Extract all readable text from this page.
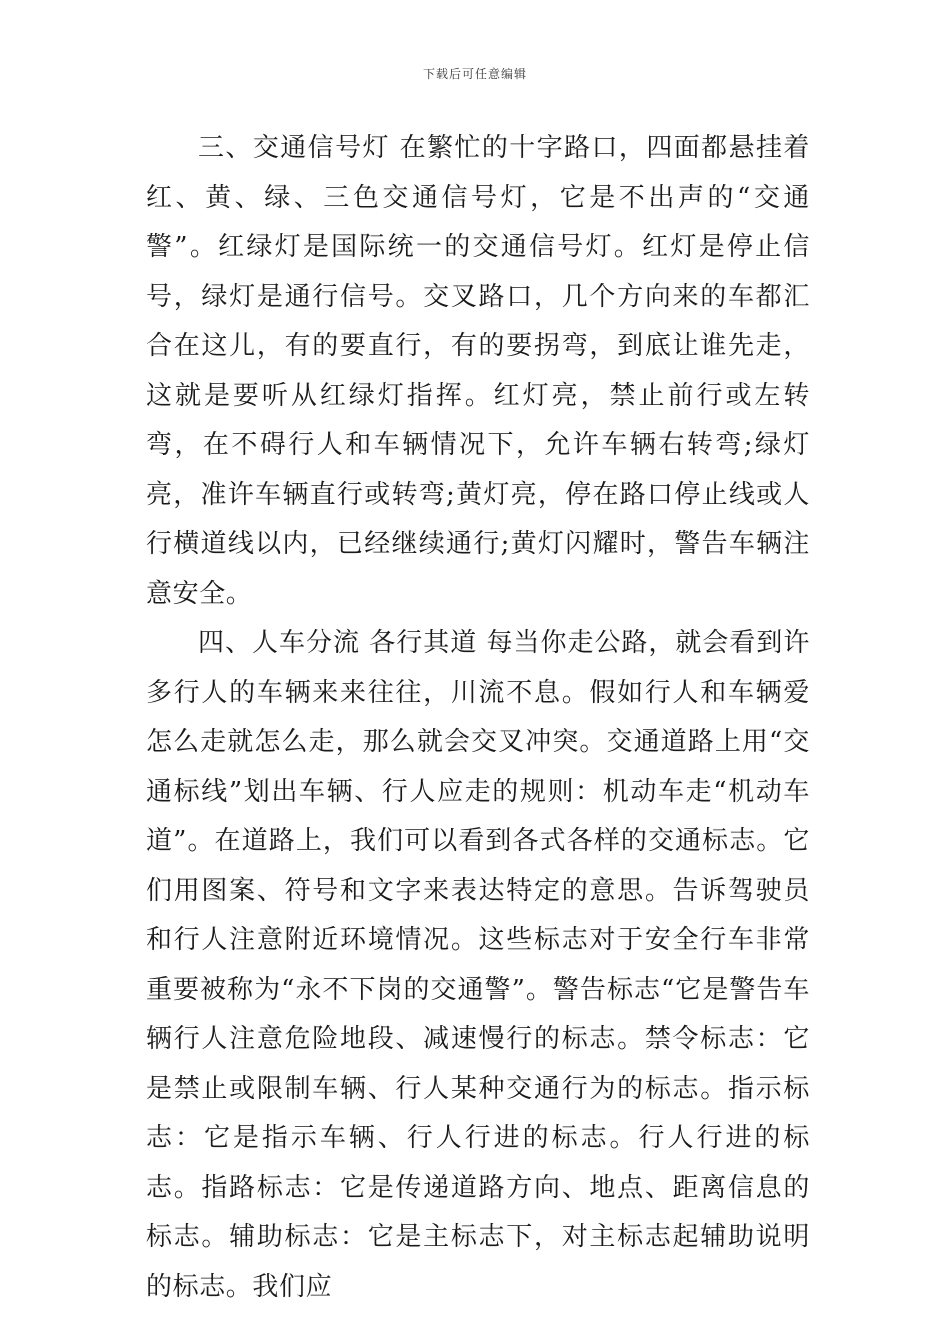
下载后可任意编辑

三、交通信号灯 在繁忙的十字路口，四面都悬挂着红、黄、绿、三色交通信号灯，它是不出声的“交通警”。红绿灯是国际统一的交通信号灯。红灯是停止信号，绿灯是通行信号。交叉路口，几个方向来的车都汇合在这儿，有的要直行，有的要拐弯，到底让谁先走，这就是要听从红绿灯指挥。红灯亮，禁止前行或左转弯，在不碍行人和车辆情况下，允许车辆右转弯;绿灯亮，准许车辆直行或转弯;黄灯亮，停在路口停止线或人行横道线以内，已经继续通行;黄灯闪耀时，警告车辆注意安全。

四、人车分流 各行其道 每当你走公路，就会看到许多行人的车辆来来往往，川流不息。假如行人和车辆爱怎么走就怎么走，那么就会交叉冲突。交通道路上用“交通标线”划出车辆、行人应走的规则：机动车走“机动车道”。在道路上，我们可以看到各式各样的交通标志。它们用图案、符号和文字来表达特定的意思。告诉驾驶员和行人注意附近环境情况。这些标志对于安全行车非常重要被称为“永不下岗的交通警”。警告标志“它是警告车辆行人注意危险地段、减速慢行的标志。禁令标志：它是禁止或限制车辆、行人某种交通行为的标志。指示标志：它是指示车辆、行人行进的标志。行人行进的标志。指路标志：它是传递道路方向、地点、距离信息的标志。辅助标志：它是主标志下，对主标志起辅助说明的标志。我们应
